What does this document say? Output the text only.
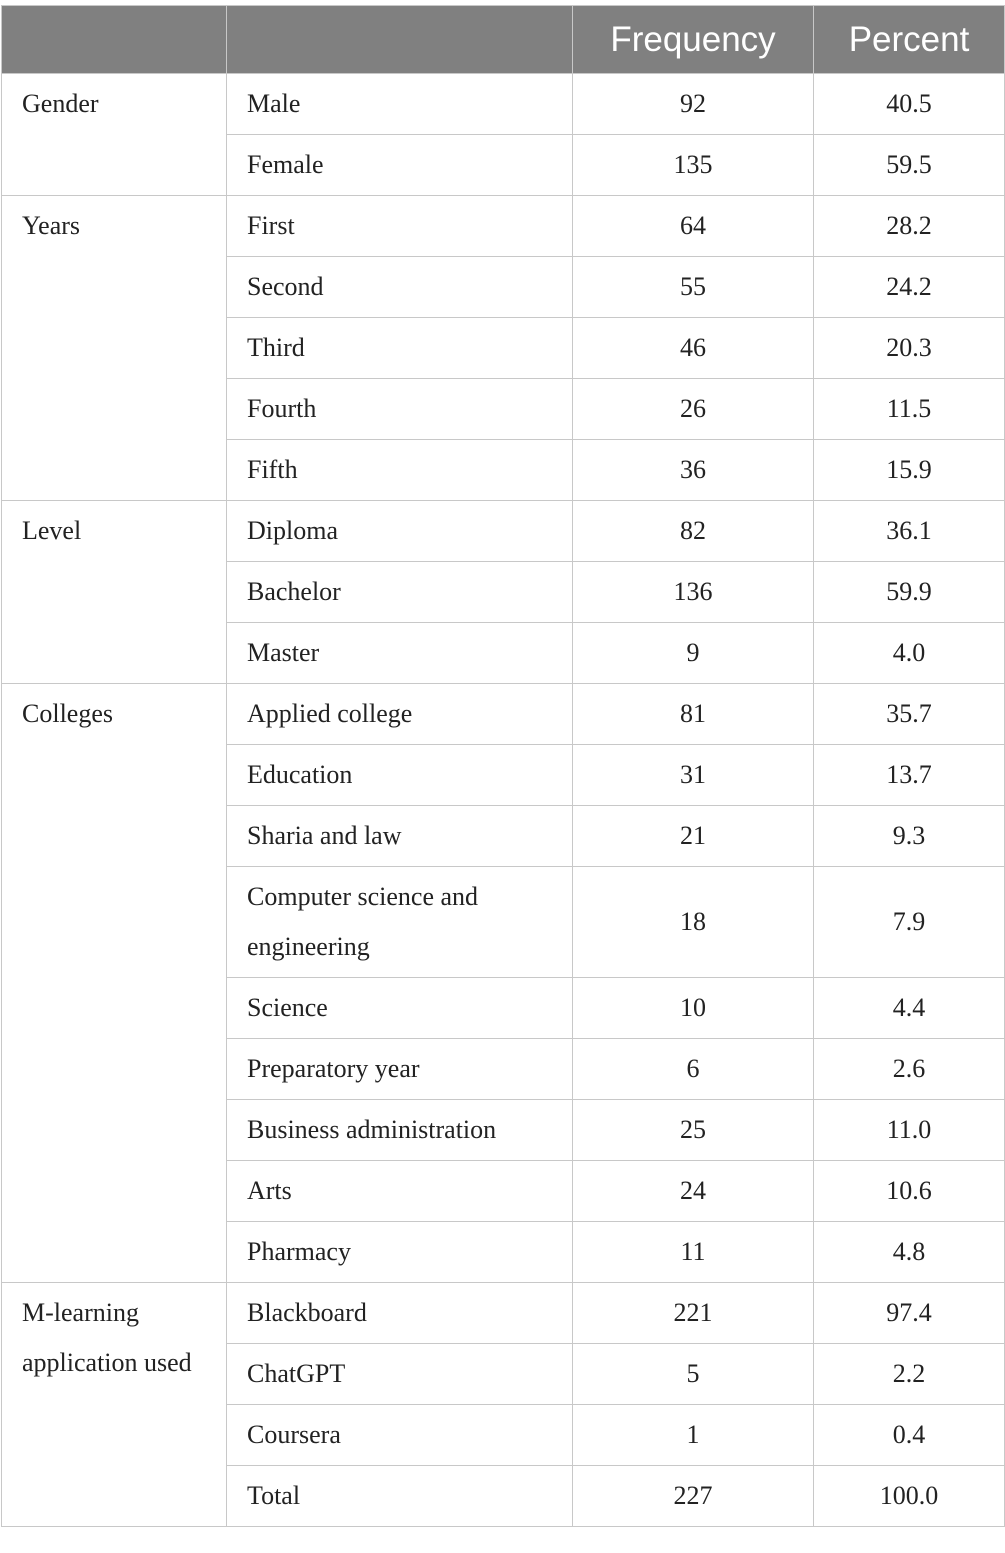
		Frequency	Percent
Gender	Male	92	40.5
	Female	135	59.5
Years	First	64	28.2
	Second	55	24.2
	Third	46	20.3
	Fourth	26	11.5
	Fifth	36	15.9
Level	Diploma	82	36.1
	Bachelor	136	59.9
	Master	9	4.0
Colleges	Applied college	81	35.7
	Education	31	13.7
	Sharia and law	21	9.3
	Computer science and engineering	18	7.9
	Science	10	4.4
	Preparatory year	6	2.6
	Business administration	25	11.0
	Arts	24	10.6
	Pharmacy	11	4.8
M-learning application used	Blackboard	221	97.4
	ChatGPT	5	2.2
	Coursera	1	0.4
	Total	227	100.0
